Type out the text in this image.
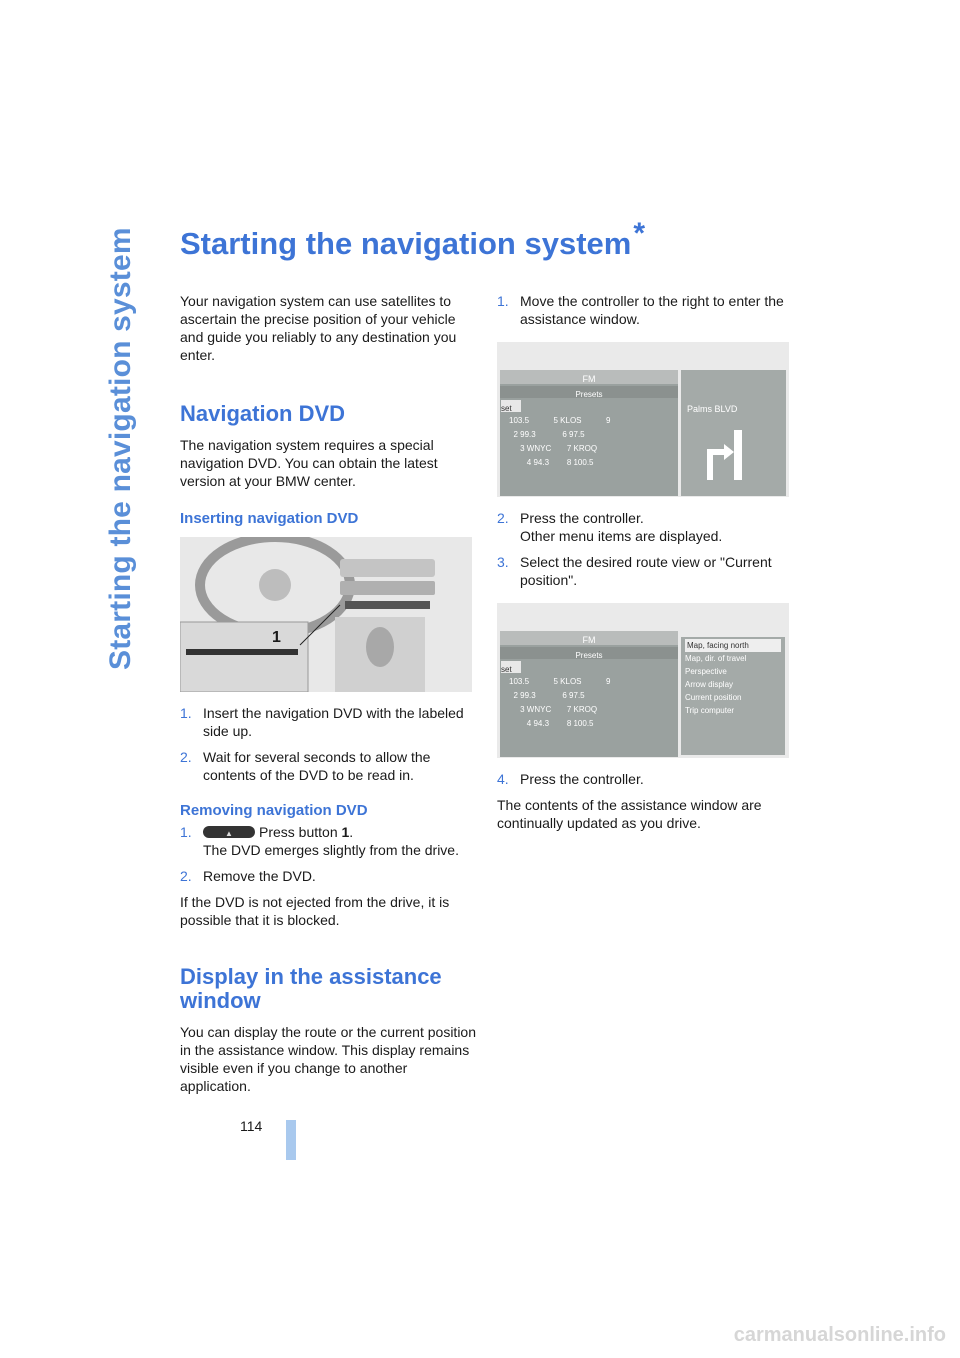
Starting the navigation system Starting the navigation system*

Your navigation system can use satellites to ascertain the precise position of your vehicle and guide you reliably to any destination you enter.

Navigation DVD

The navigation system requires a special navigation DVD. You can obtain the latest version at your BMW center.

Inserting navigation DVD
1
1. Insert the navigation DVD with the labeled side up.
2. Wait for several seconds to allow the contents of the DVD to be read in.
Removing navigation DVD
1.
▲	Press button 1.
The DVD emerges slightly from the drive.
2. Remove the DVD.

If the DVD is not ejected from the drive, it is possible that it is blocked.

Display in the assistance window

You can display the route or the current position in the assistance window. This display remains visible even if you change to another application.

1. Move the controller to the right to enter the assistance window.
FM
Presets
set
103.5	5 KLOS	9
2 99.3	6 97.5
3 WNYC 7 KROQ
4 94.3 8 100.5
Palms BLVD
2. Press the controller.
Other menu items are displayed.
3. Select the desired route view or "Current position".
FM
Presets
set
103.5	5 KLOS	9
2 99.3	6 97.5
3 WNYC 7 KROQ
4 94.3 8 100.5
Map, facing north
Map, dir. of travel
Perspective
Arrow display
Current position
Trip computer
4. Press the controller.

The contents of the assistance window are continually updated as you drive.

114
carmanualsonline.info
